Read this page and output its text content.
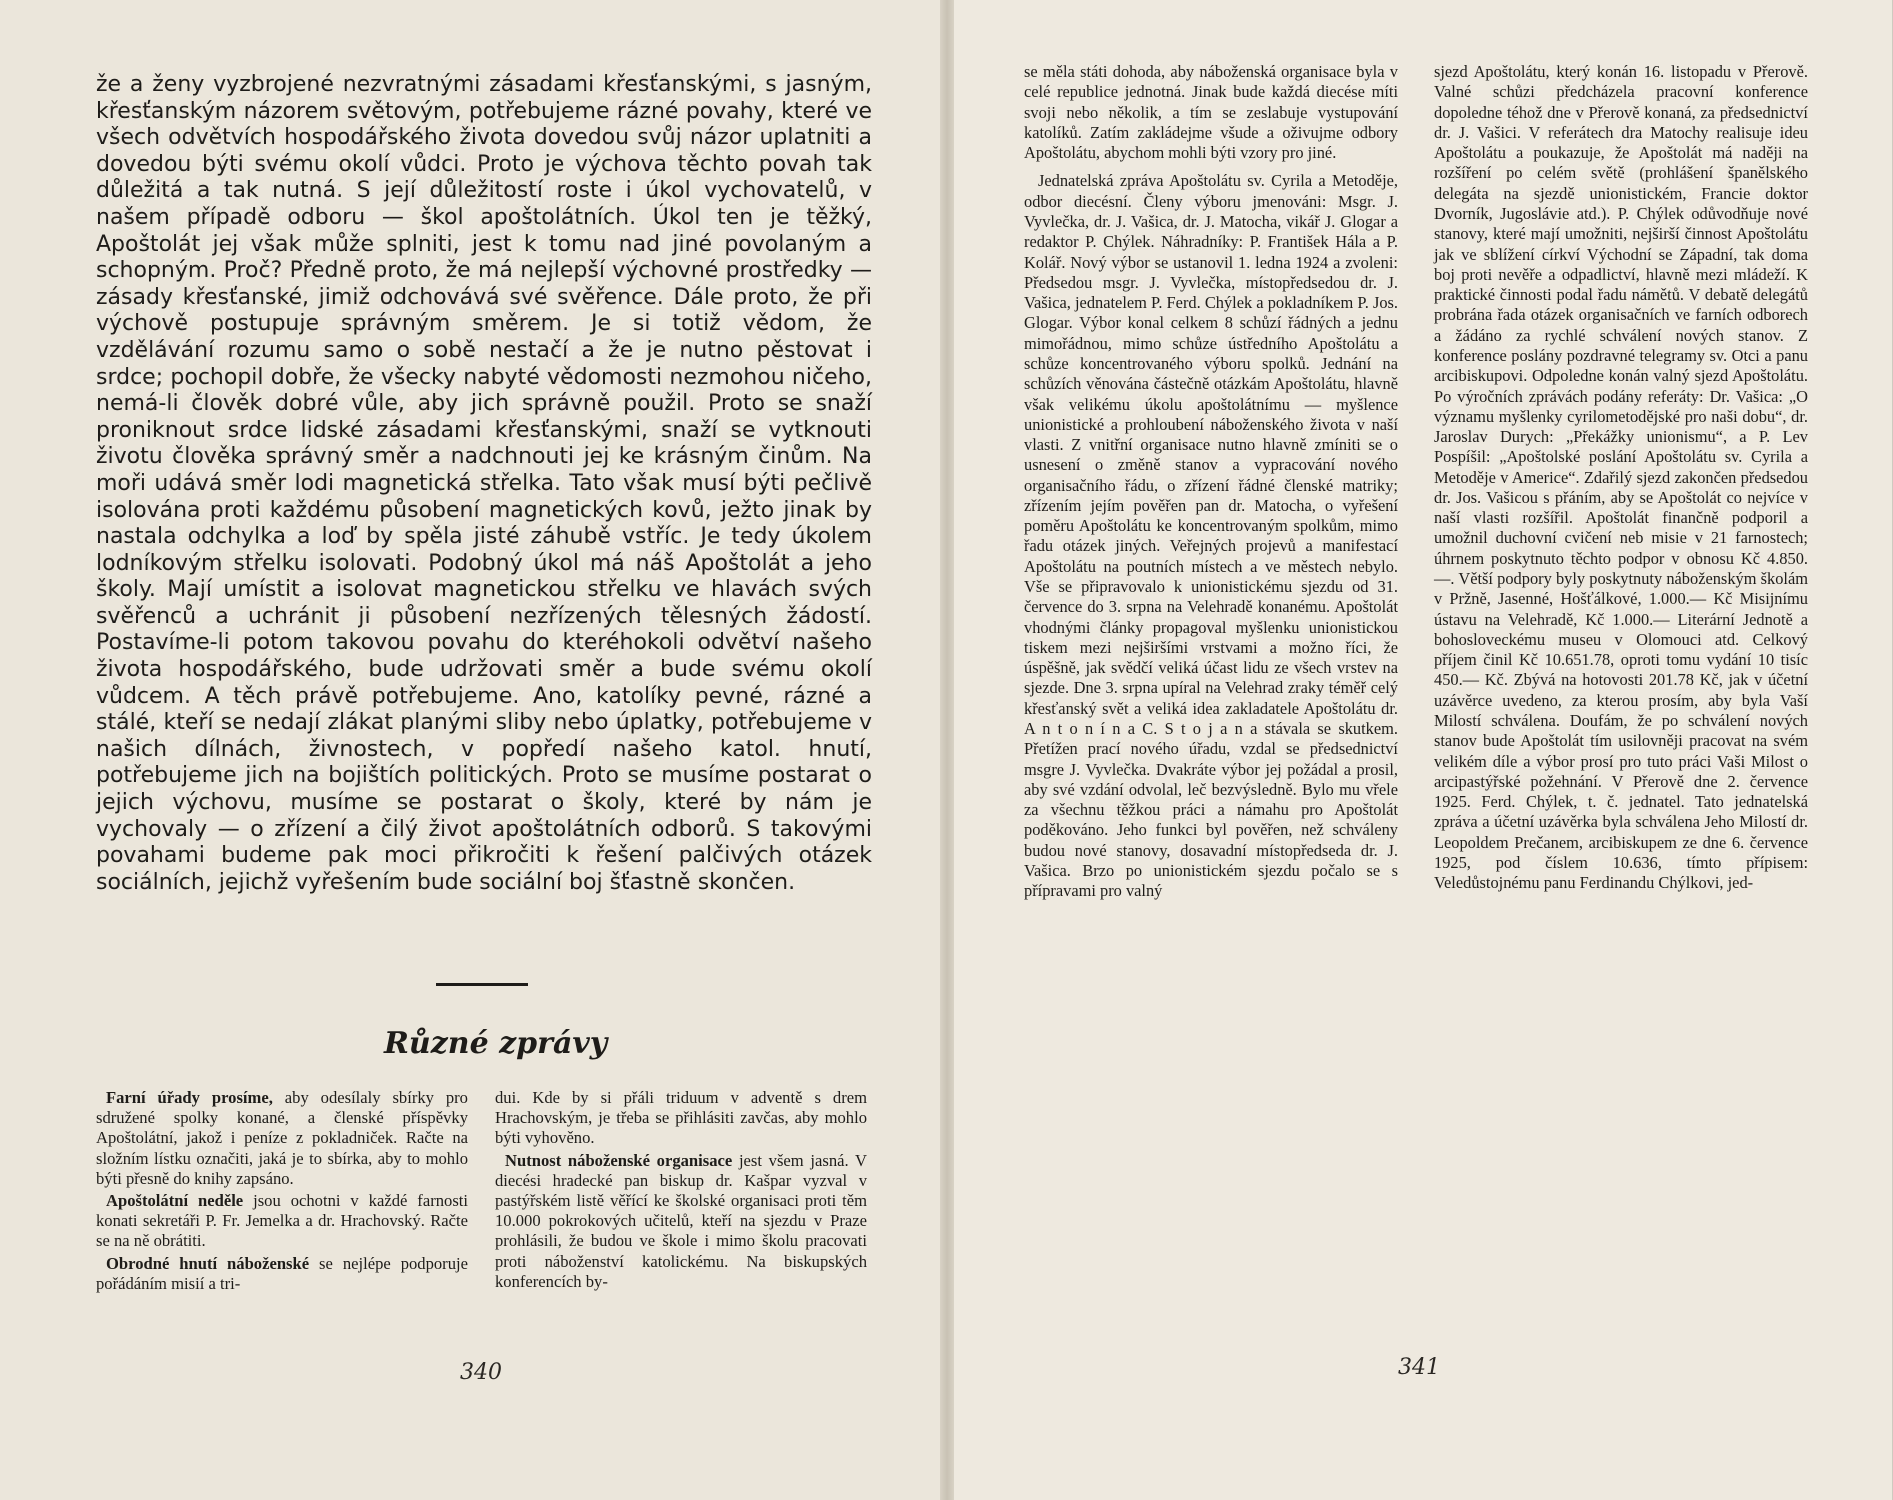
že a ženy vyzbrojené nezvratnými zásadami křesťanskými, s jasným, křesťanským názorem světovým, potřebujeme rázné povahy, které ve všech odvětvích hospodářského života dovedou svůj názor uplatniti a dovedou býti svému okolí vůdci. Proto je výchova těchto povah tak důležitá a tak nutná. S její důležitostí roste i úkol vychovatelů, v našem případě odboru — škol apoštolátních. Úkol ten je těžký, Apoštolát jej však může splniti, jest k tomu nad jiné povolaným a schopným. Proč? Předně proto, že má nejlepší výchovné prostředky — zásady křesťanské, jimiž odchovává své svěřence. Dále proto, že při výchově postupuje správným směrem. Je si totiž vědom, že vzdělávání rozumu samo o sobě nestačí a že je nutno pěstovat i srdce; pochopil dobře, že všecky nabyté vědomosti nezmohou ničeho, nemá-li člověk dobré vůle, aby jich správně použil. Proto se snaží proniknout srdce lidské zásadami křesťanskými, snaží se vytknouti životu člověka správný směr a nadchnouti jej ke krásným činům. Na moři udává směr lodi magnetická střelka. Tato však musí býti pečlivě isolována proti každému působení magnetických kovů, ježto jinak by nastala odchylka a loď by spěla jisté záhubě vstříc. Je tedy úkolem lodníkovým střelku isolovati. Podobný úkol má náš Apoštolát a jeho školy. Mají umístit a isolovat magnetickou střelku ve hlavách svých svěřenců a uchránit ji působení nezřízených tělesných žádostí. Postavíme-li potom takovou povahu do kteréhokoli odvětví našeho života hospodářského, bude udržovati směr a bude svému okolí vůdcem. A těch právě potřebujeme. Ano, katolíky pevné, rázné a stálé, kteří se nedají zlákat planými sliby nebo úplatky, potřebujeme v našich dílnách, živnostech, v popředí našeho katol. hnutí, potřebujeme jich na bojištích politických. Proto se musíme postarat o jejich výchovu, musíme se postarat o školy, které by nám je vychovaly — o zřízení a čilý život apoštolátních odborů. S takovými povahami budeme pak moci přikročiti k řešení palčivých otázek sociálních, jejichž vyřešením bude sociální boj šťastně skončen.

Různé zprávy

Farní úřady prosíme, aby odesílaly sbírky pro sdružené spolky konané, a členské příspěvky Apoštolátní, jakož i peníze z pokladniček. Račte na složním lístku označiti, jaká je to sbírka, aby to mohlo býti přesně do knihy zapsáno.

Apoštolátní neděle jsou ochotni v každé farnosti konati sekretáři P. Fr. Jemelka a dr. Hrachovský. Račte se na ně obrátiti.

Obrodné hnutí náboženské se nejlépe podporuje pořádáním misií a tri-

dui. Kde by si přáli triduum v adventě s drem Hrachovským, je třeba se přihlásiti zavčas, aby mohlo býti vyhověno.

Nutnost náboženské organisace jest všem jasná. V diecési hradecké pan biskup dr. Kašpar vyzval v pastýřském listě věřící ke školské organisaci proti těm 10.000 pokrokových učitelů, kteří na sjezdu v Praze prohlásili, že budou ve škole i mimo školu pracovati proti náboženství katolickému. Na biskupských konferencích by-

340

se měla státi dohoda, aby náboženská organisace byla v celé republice jednotná. Jinak bude každá diecése míti svoji nebo několik, a tím se zeslabuje vystupování katolíků. Zatím zakládejme všude a oživujme odbory Apoštolátu, abychom mohli býti vzory pro jiné.

Jednatelská zpráva Apoštolátu sv. Cyrila a Metoděje, odbor diecésní. Členy výboru jmenováni: Msgr. J. Vyvlečka, dr. J. Vašica, dr. J. Matocha, vikář J. Glogar a redaktor P. Chýlek. Náhradníky: P. František Hála a P. Kolář. Nový výbor se ustanovil 1. ledna 1924 a zvoleni: Předsedou msgr. J. Vyvlečka, místopředsedou dr. J. Vašica, jednatelem P. Ferd. Chýlek a pokladníkem P. Jos. Glogar. Výbor konal celkem 8 schůzí řádných a jednu mimořádnou, mimo schůze ústředního Apoštolátu a schůze koncentrovaného výboru spolků. Jednání na schůzích věnována částečně otázkám Apoštolátu, hlavně však velikému úkolu apoštolátnímu — myšlence unionistické a prohloubení náboženského života v naší vlasti. Z vnitřní organisace nutno hlavně zmíniti se o usnesení o změně stanov a vypracování nového organisačního řádu, o zřízení řádné členské matriky; zřízením jejím pověřen pan dr. Matocha, o vyřešení poměru Apoštolátu ke koncentrovaným spolkům, mimo řadu otázek jiných. Veřejných projevů a manifestací Apoštolátu na poutních místech a ve městech nebylo. Vše se připravovalo k unionistickému sjezdu od 31. července do 3. srpna na Velehradě konanému. Apoštolát vhodnými články propagoval myšlenku unionistickou tiskem mezi nejširšími vrstvami a možno říci, že úspěšně, jak svědčí veliká účast lidu ze všech vrstev na sjezde. Dne 3. srpna upíral na Velehrad zraky téměř celý křesťanský svět a veliká idea zakladatele Apoštolátu dr. A n t o n í n a C. S t o j a n a stávala se skutkem. Přetížen prací nového úřadu, vzdal se předsednictví msgre J. Vyvlečka. Dvakráte výbor jej požádal a prosil, aby své vzdání odvolal, leč bezvýsledně. Bylo mu vřele za všechnu těžkou práci a námahu pro Apoštolát poděkováno. Jeho funkci byl pověřen, než schváleny budou nové stanovy, dosavadní místopředseda dr. J. Vašica. Brzo po unionistickém sjezdu počalo se s přípravami pro valný

sjezd Apoštolátu, který konán 16. listopadu v Přerově. Valné schůzi předcházela pracovní konference dopoledne téhož dne v Přerově konaná, za předsednictví dr. J. Vašici. V referátech dra Matochy realisuje ideu Apoštolátu a poukazuje, že Apoštolát má naději na rozšíření po celém světě (prohlášení španělského delegáta na sjezdě unionistickém, Francie doktor Dvorník, Jugoslávie atd.). P. Chýlek odůvodňuje nové stanovy, které mají umožniti, nejširší činnost Apoštolátu jak ve sblížení církví Východní se Západní, tak doma boj proti nevěře a odpadlictví, hlavně mezi mládeží. K praktické činnosti podal řadu námětů. V debatě delegátů probrána řada otázek organisačních ve farních odborech a žádáno za rychlé schválení nových stanov. Z konference poslány pozdravné telegramy sv. Otci a panu arcibiskupovi. Odpoledne konán valný sjezd Apoštolátu. Po výročních zprávách podány referáty: Dr. Vašica: „O významu myšlenky cyrilometodějské pro naši dobu“, dr. Jaroslav Durych: „Překážky unionismu“, a P. Lev Pospíšil: „Apoštolské poslání Apoštolátu sv. Cyrila a Metoděje v Americe“. Zdařilý sjezd zakončen předsedou dr. Jos. Vašicou s přáním, aby se Apoštolát co nejvíce v naší vlasti rozšířil. Apoštolát finančně podporil a umožnil duchovní cvičení neb misie v 21 farnostech; úhrnem poskytnuto těchto podpor v obnosu Kč 4.850.—. Větší podpory byly poskytnuty náboženským školám v Pržně, Jasenné, Hošťálkové, 1.000.— Kč Misijnímu ústavu na Velehradě, Kč 1.000.— Literární Jednotě a bohosloveckému museu v Olomouci atd. Celkový příjem činil Kč 10.651.78, oproti tomu vydání 10 tisíc 450.— Kč. Zbývá na hotovosti 201.78 Kč, jak v účetní uzávěrce uvedeno, za kterou prosím, aby byla Vaší Milostí schválena. Doufám, že po schválení nových stanov bude Apoštolát tím usilovněji pracovat na svém velikém díle a výbor prosí pro tuto práci Vaši Milost o arcipastýřské požehnání. V Přerově dne 2. července 1925. Ferd. Chýlek, t. č. jednatel. Tato jednatelská zpráva a účetní uzávěrka byla schválena Jeho Milostí dr. Leopoldem Prečanem, arcibiskupem ze dne 6. července 1925, pod číslem 10.636, tímto přípisem: Veledůstojnému panu Ferdinandu Chýlkovi, jed-

341
